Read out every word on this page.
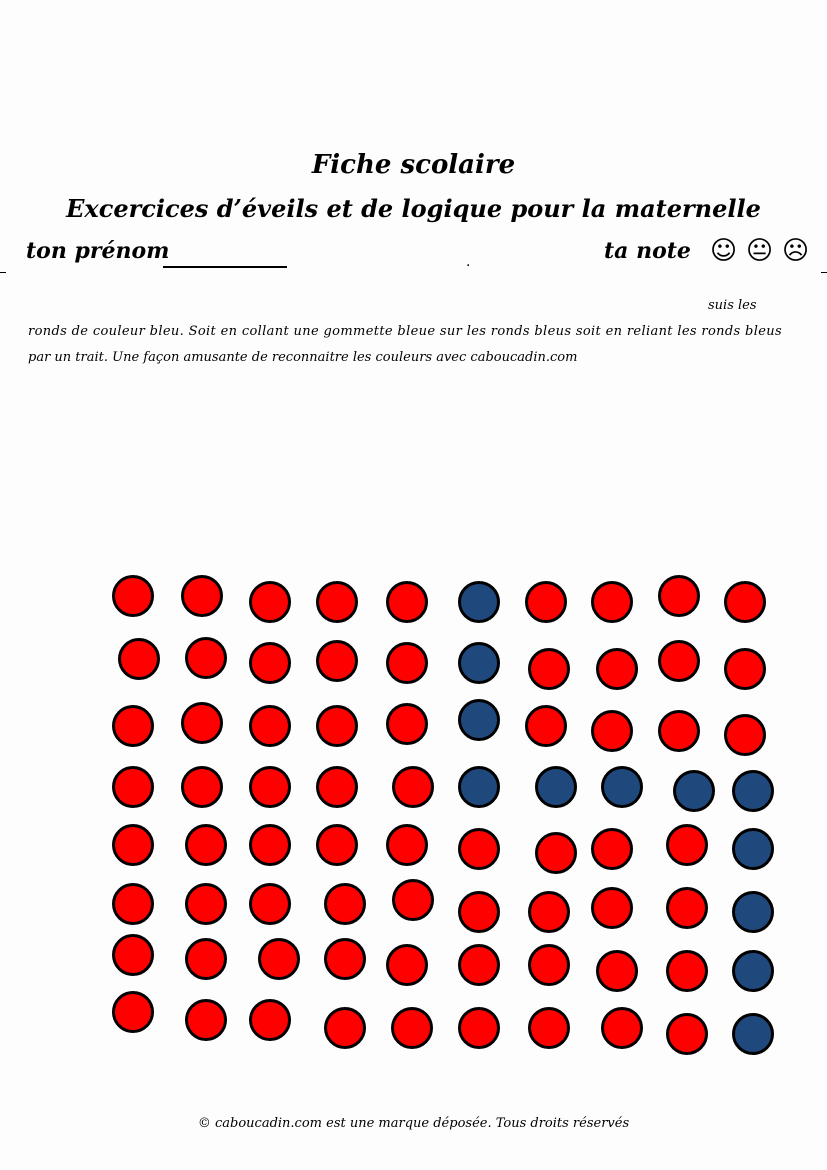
Fiche scolaire
Excercices d’éveils et de logique pour la maternelle
.
ton prénom	ta note ☺ 😐 ☹
suis les
ronds de couleur bleu. Soit en collant une gommette bleue sur les ronds bleus soit en reliant les ronds bleus
par un trait. Une façon amusante de reconnaitre les couleurs avec caboucadin.com
© caboucadin.com est une marque déposée. Tous droits réservés
